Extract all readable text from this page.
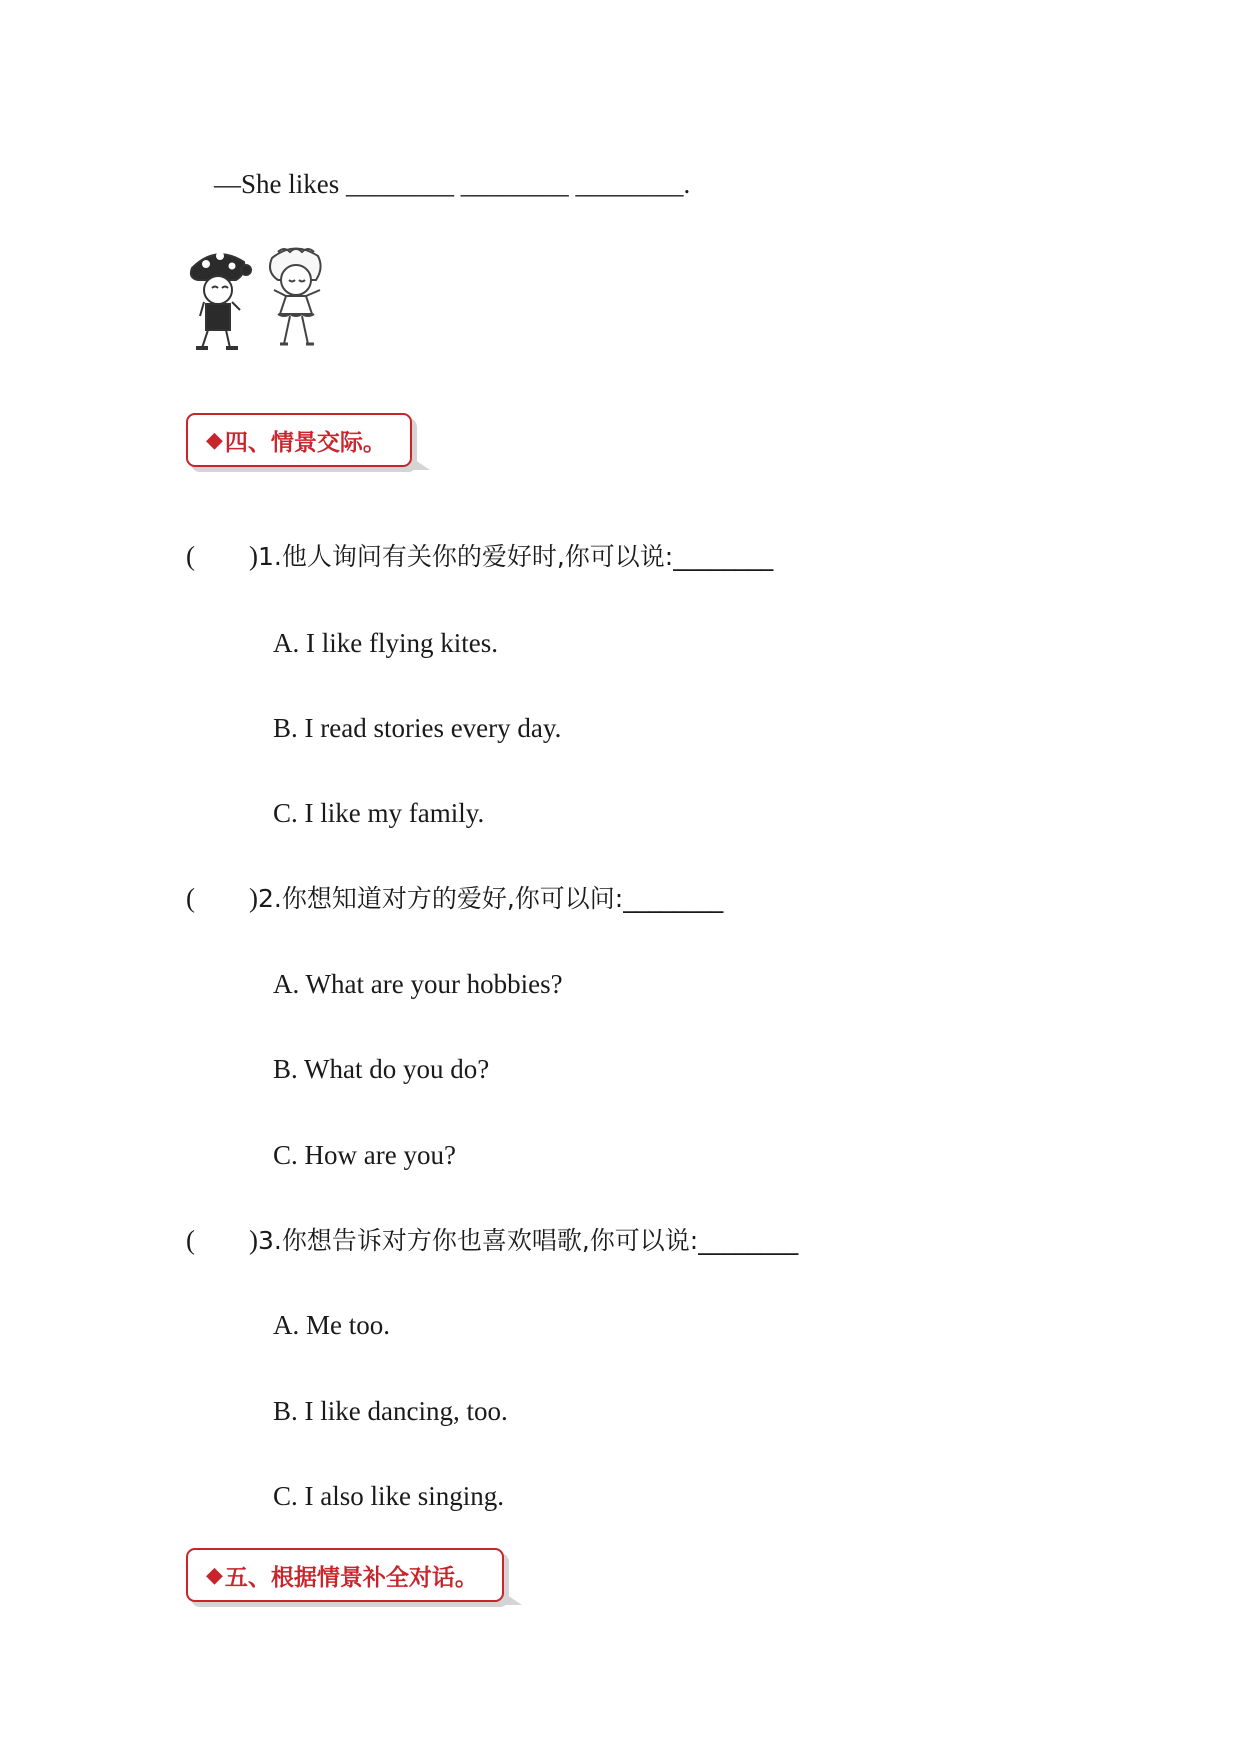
—She likes ________ ________ ________.
◆ 四、情景交际。
(        )1.他人询问有关你的爱好时,你可以说:________
A. I like flying kites.
B. I read stories every day.
C. I like my family.
(        )2.你想知道对方的爱好,你可以问:________
A. What are your hobbies?
B. What do you do?
C. How are you?
(        )3.你想告诉对方你也喜欢唱歌,你可以说:________
A. Me too.
B. I like dancing, too.
C. I also like singing.
◆ 五、根据情景补全对话。
